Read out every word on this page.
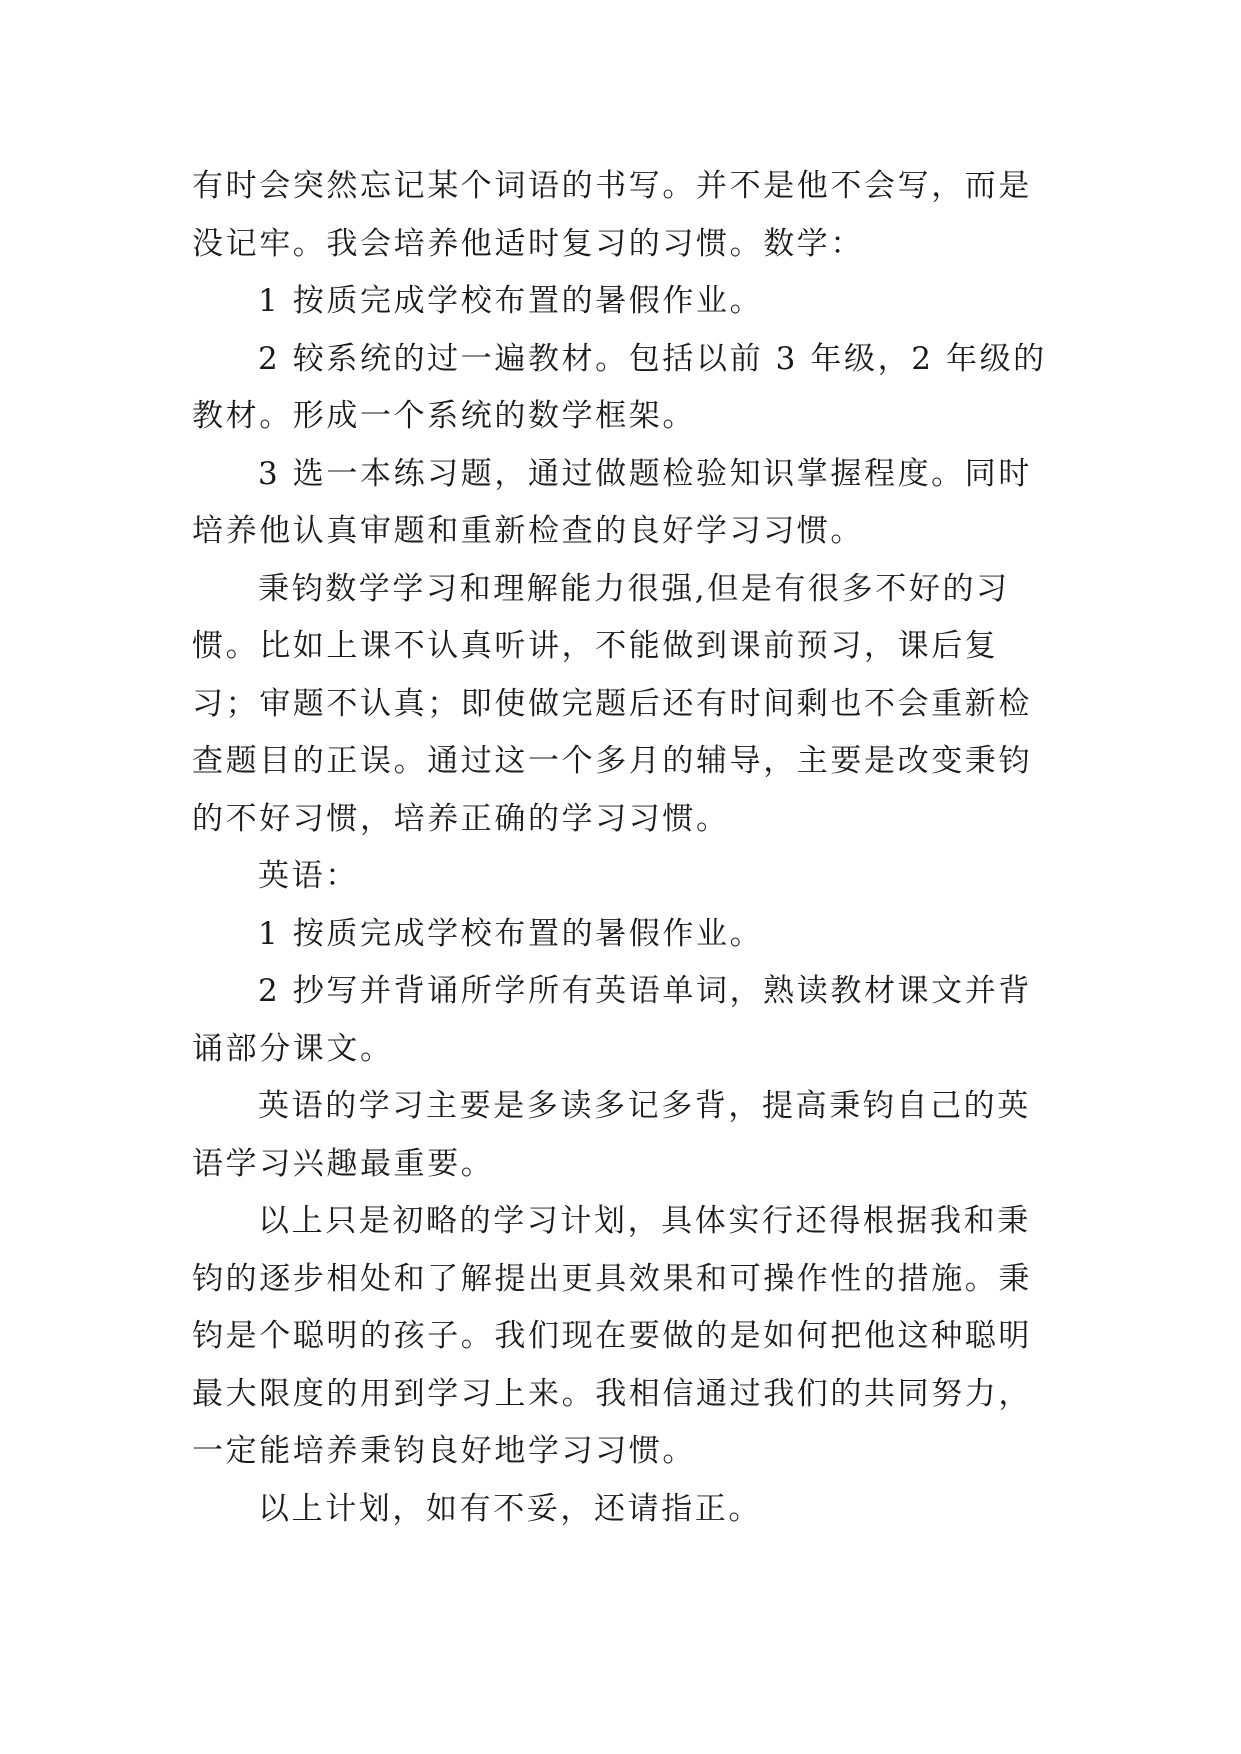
有时会突然忘记某个词语的书写。并不是他不会写，而是没记牢。我会培养他适时复习的习惯。数学：

1 按质完成学校布置的暑假作业。

2 较系统的过一遍教材。包括以前 3 年级，2 年级的教材。形成一个系统的数学框架。

3 选一本练习题，通过做题检验知识掌握程度。同时培养他认真审题和重新检查的良好学习习惯。

秉钧数学学习和理解能力很强,但是有很多不好的习惯。比如上课不认真听讲，不能做到课前预习，课后复习；审题不认真；即使做完题后还有时间剩也不会重新检查题目的正误。通过这一个多月的辅导，主要是改变秉钧的不好习惯，培养正确的学习习惯。

英语：

1 按质完成学校布置的暑假作业。

2 抄写并背诵所学所有英语单词，熟读教材课文并背诵部分课文。

英语的学习主要是多读多记多背，提高秉钧自己的英语学习兴趣最重要。

以上只是初略的学习计划，具体实行还得根据我和秉钧的逐步相处和了解提出更具效果和可操作性的措施。秉钧是个聪明的孩子。我们现在要做的是如何把他这种聪明最大限度的用到学习上来。我相信通过我们的共同努力，一定能培养秉钧良好地学习习惯。

以上计划，如有不妥，还请指正。
